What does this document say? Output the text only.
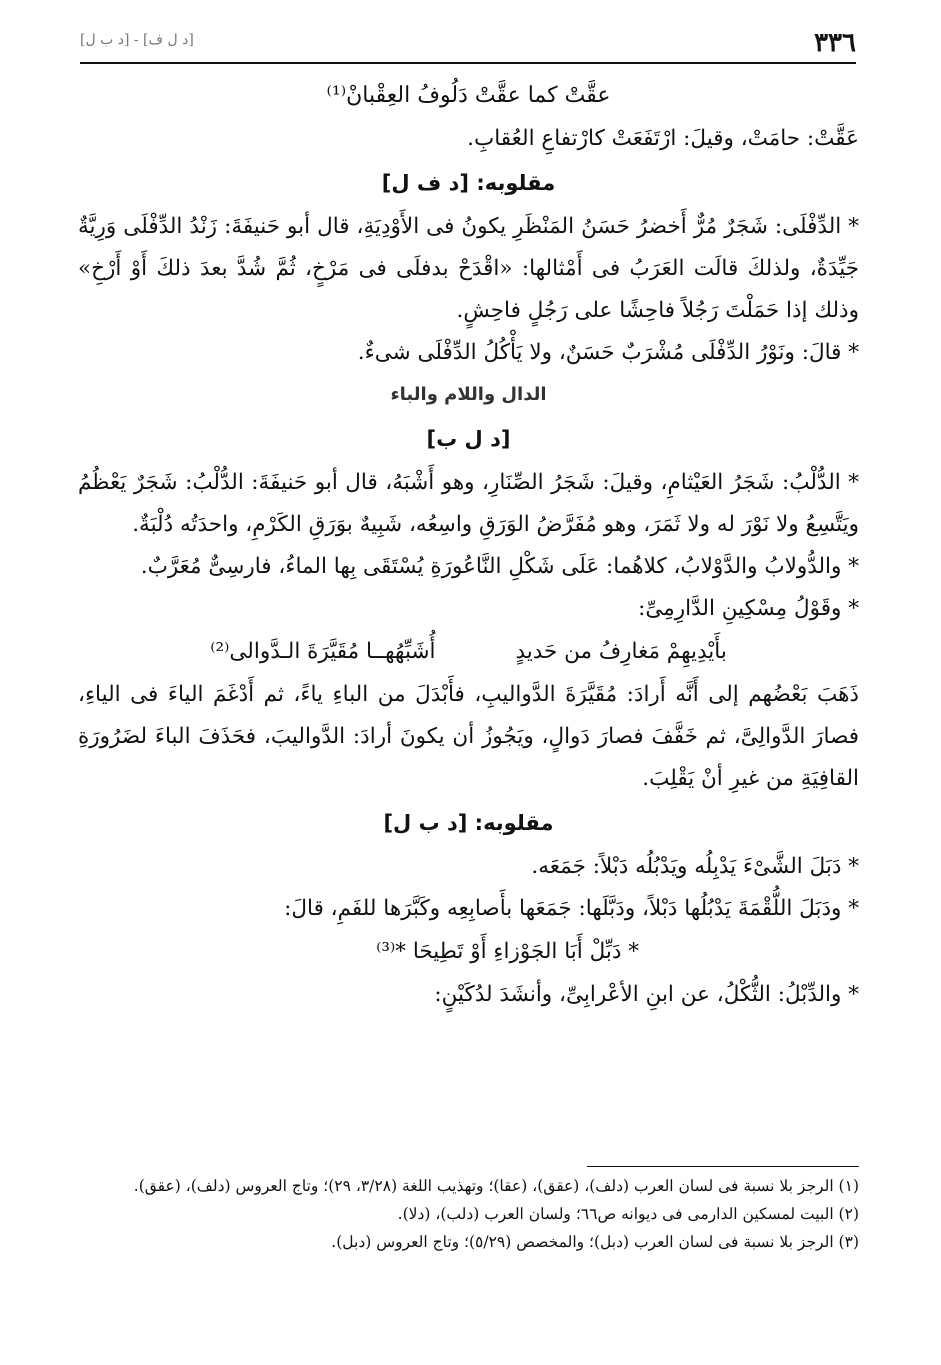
٣٣٦
[د ل ف] - [د ب ل]
عقَّتْ كما عقَّتْ دَلُوفُ العِقْبانْ⁽¹⁾

عَقَّتْ: حامَتْ، وقيلَ: ارْتَفَعَتْ كارْتفاعِ العُقابِ.

مقلوبه: [د ف ل]

* الدِّفْلَى: شَجَرٌ مُرٌّ أَخضرُ حَسَنُ المَنْظَرِ يكونُ فى الأَوْدِيَةِ، قال أبو حَنيفَةَ: زَنْدُ الدِّفْلَى وَرِيَّةٌ جَيِّدَةٌ، ولذلكَ قالَت العَرَبُ فى أَمْثالها: «اقْدَحْ بدفلَى فى مَرْخٍ، ثُمَّ شُدَّ بعدَ ذلكَ أَوْ أَرْخِ» وذلك إذا حَمَلْتَ رَجُلاً فاحِشًا على رَجُلٍ فاحِشٍ.

* قالَ: ونَوْرُ الدِّفْلَى مُشْرَبٌ حَسَنٌ، ولا يَأْكُلُ الدِّفْلَى شىءٌ.

الدال واللام والباء
[د ل ب]

* الدُّلْبُ: شَجَرُ العَيْثامِ، وقيلَ: شَجَرُ الصِّنَارِ، وهو أَشْبَهُ، قال أبو حَنيفَةَ: الدُّلْبُ: شَجَرٌ يَعْظُمُ ويَتَّسِعُ ولا نَوْرَ له ولا ثَمَرَ، وهو مُفَرَّضُ الوَرَقِ واسِعُه، شَبِيهٌ بوَرَقِ الكَرْمِ، واحدَتُه دُلْبَةٌ.

* والدُّولابُ والدَّوْلابُ، كلاهُما: عَلَى شَكْلِ النَّاعُورَةِ يُسْتَقَى بِها الماءُ، فارسِىٌّ مُعَرَّبٌ.

* وقَوْلُ مِسْكِينِ الدَّارِمِىِّ:

بأَيْدِيهِمْ مَغارِفُ من حَديدٍ
أُشَبِّهُهــا مُقَيَّرَةَ الـدَّوالى⁽²⁾

ذَهَبَ بَعْضُهم إلى أَنَّه أَرادَ: مُقَيَّرَةَ الدَّواليبِ، فأَبْدَلَ من الباءِ ياءً، ثم أَدْغَمَ الياءَ فى الياءِ، فصارَ الدَّوالِىَّ، ثم خَفَّفَ فصارَ دَوالٍ، ويَجُوزُ أن يكونَ أرادَ: الدَّواليبَ، فحَذَفَ الباءَ لضَرُورَةِ القافِيَةِ من غيرِ أنْ يَقْلِبَ.

مقلوبه: [د ب ل]

* دَبَلَ الشَّىْءَ يَدْبِلُه ويَدْبُلُه دَبْلاً: جَمَعَه.

* ودَبَلَ اللُّقْمَةَ يَدْبُلُها دَبْلاً، ودَبَّلَها: جَمَعَها بأَصابِعِه وكَبَّرَها للفَمِ، قالَ:

* دَبِّلْ أَبَا الجَوْزاءِ أَوْ تَطِيحَا *⁽³⁾

* والدِّبْلُ: الثُّكْلُ، عن ابنِ الأعْرابِىِّ، وأنشَدَ لدُكَيْنٍ:

(١) الرجز بلا نسبة فى لسان العرب (دلف)، (عقق)، (عقا)؛ وتهذيب اللغة (٣/٢٨، ٢٩)؛ وتاج العروس (دلف)، (عقق).
(٢) البيت لمسكين الدارمى فى ديوانه ص٦٦؛ ولسان العرب (دلب)، (دلا).
(٣) الرجز بلا نسبة فى لسان العرب (دبل)؛ والمخصص (٥/٢٩)؛ وتاج العروس (دبل).
